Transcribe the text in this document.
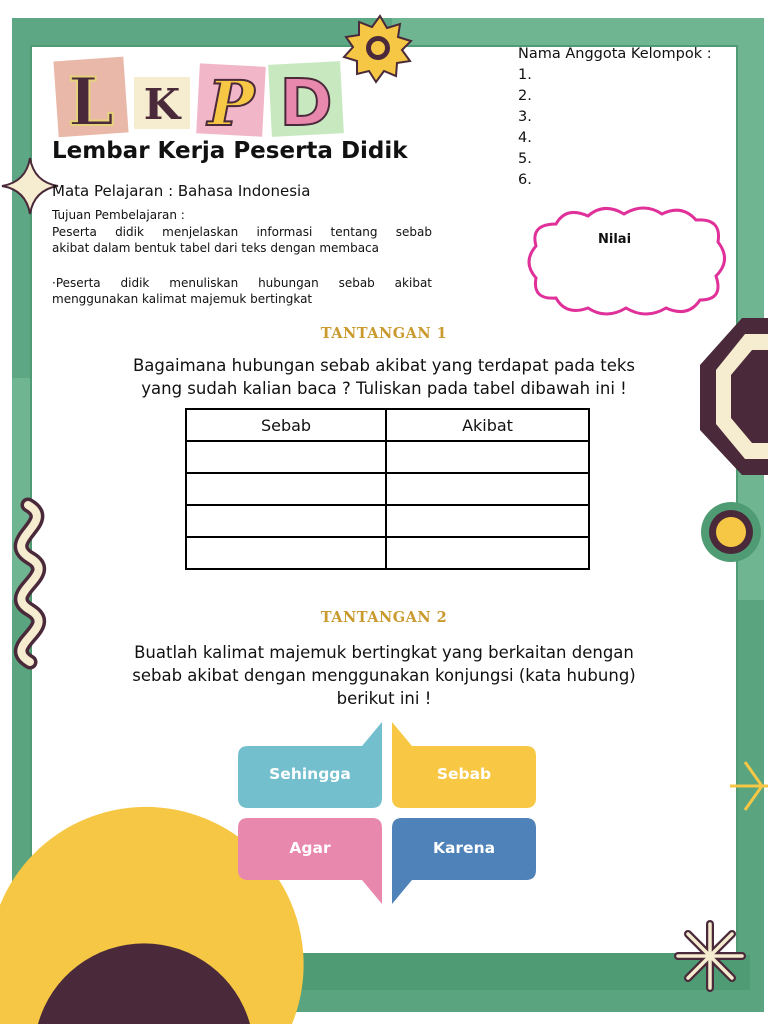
L K P D
Lembar Kerja Peserta Didik
Mata Pelajaran : Bahasa Indonesia
Tujuan Pembelajaran :
Peserta didik menjelaskan informasi tentang sebab
akibat dalam bentuk tabel dari teks dengan membaca
·Peserta didik menuliskan hubungan sebab akibat
menggunakan kalimat majemuk bertingkat
Nama Anggota Kelompok :
1.
2.
3.
4.
5.
6.
Nilai
TANTANGAN 1
Bagaimana hubungan sebab akibat yang terdapat pada teks
yang sudah kalian baca ? Tuliskan pada tabel dibawah ini !
Sebab	Akibat

TANTANGAN 2
Buatlah kalimat majemuk bertingkat yang berkaitan dengan
sebab akibat dengan menggunakan konjungsi (kata hubung)
berikut ini !
Sehingga	Sebab
Agar	Karena
